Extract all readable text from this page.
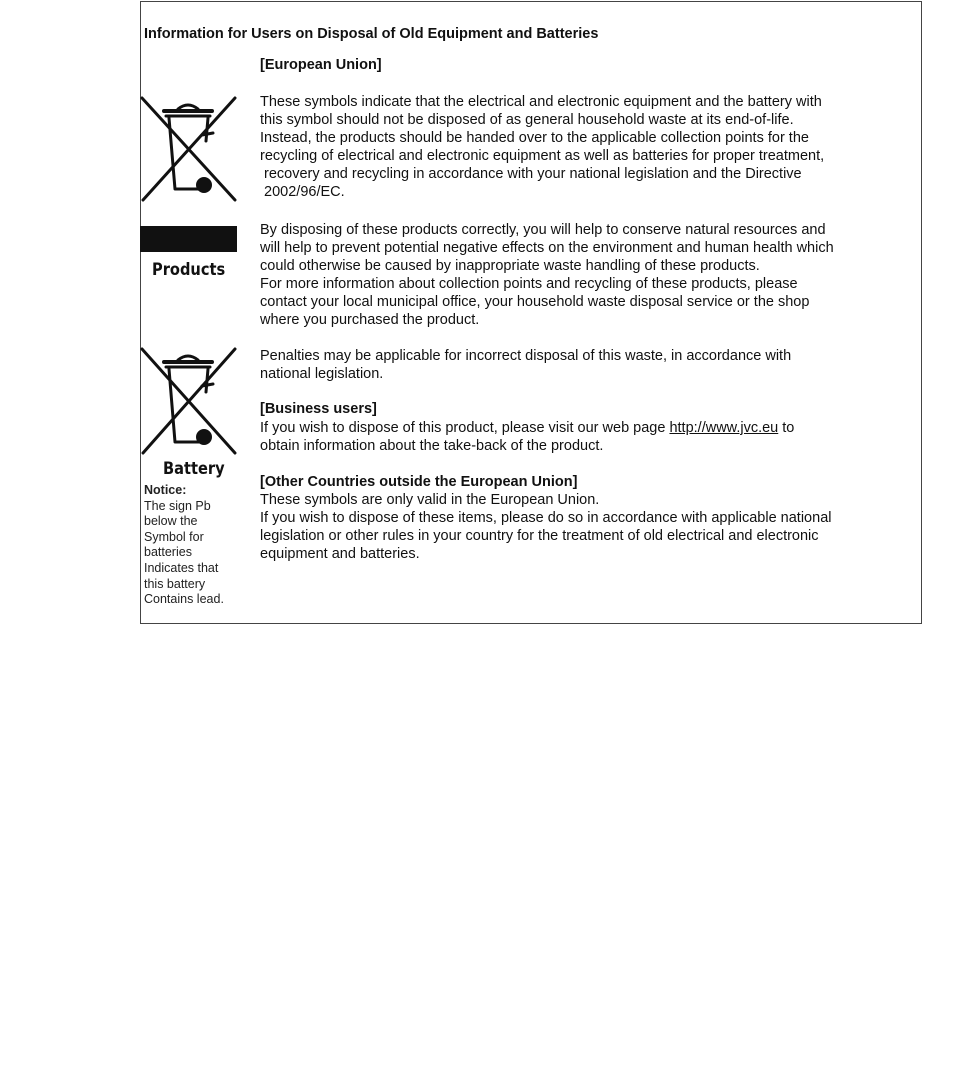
Information for Users on Disposal of Old Equipment and Batteries
Products
Battery
Notice:
The sign Pb
below the
Symbol for
batteries
Indicates that
this battery
Contains lead.
[European Union]

These symbols indicate that the electrical and electronic equipment and the battery with
this symbol should not be disposed of as general household waste at its end-of-life.
Instead, the products should be handed over to the applicable collection points for the
recycling of electrical and electronic equipment as well as batteries for proper treatment,
recovery and recycling in accordance with your national legislation and the Directive
2002/96/EC.

By disposing of these products correctly, you will help to conserve natural resources and
will help to prevent potential negative effects on the environment and human health which
could otherwise be caused by inappropriate waste handling of these products.
For more information about collection points and recycling of these products, please
contact your local municipal office, your household waste disposal service or the shop
where you purchased the product.

Penalties may be applicable for incorrect disposal of this waste, in accordance with
national legislation.

[Business users]

If you wish to dispose of this product, please visit our web page http://www.jvc.eu to
obtain information about the take-back of the product.

[Other Countries outside the European Union]

These symbols are only valid in the European Union.
If you wish to dispose of these items, please do so in accordance with applicable national
legislation or other rules in your country for the treatment of old electrical and electronic
equipment and batteries.
